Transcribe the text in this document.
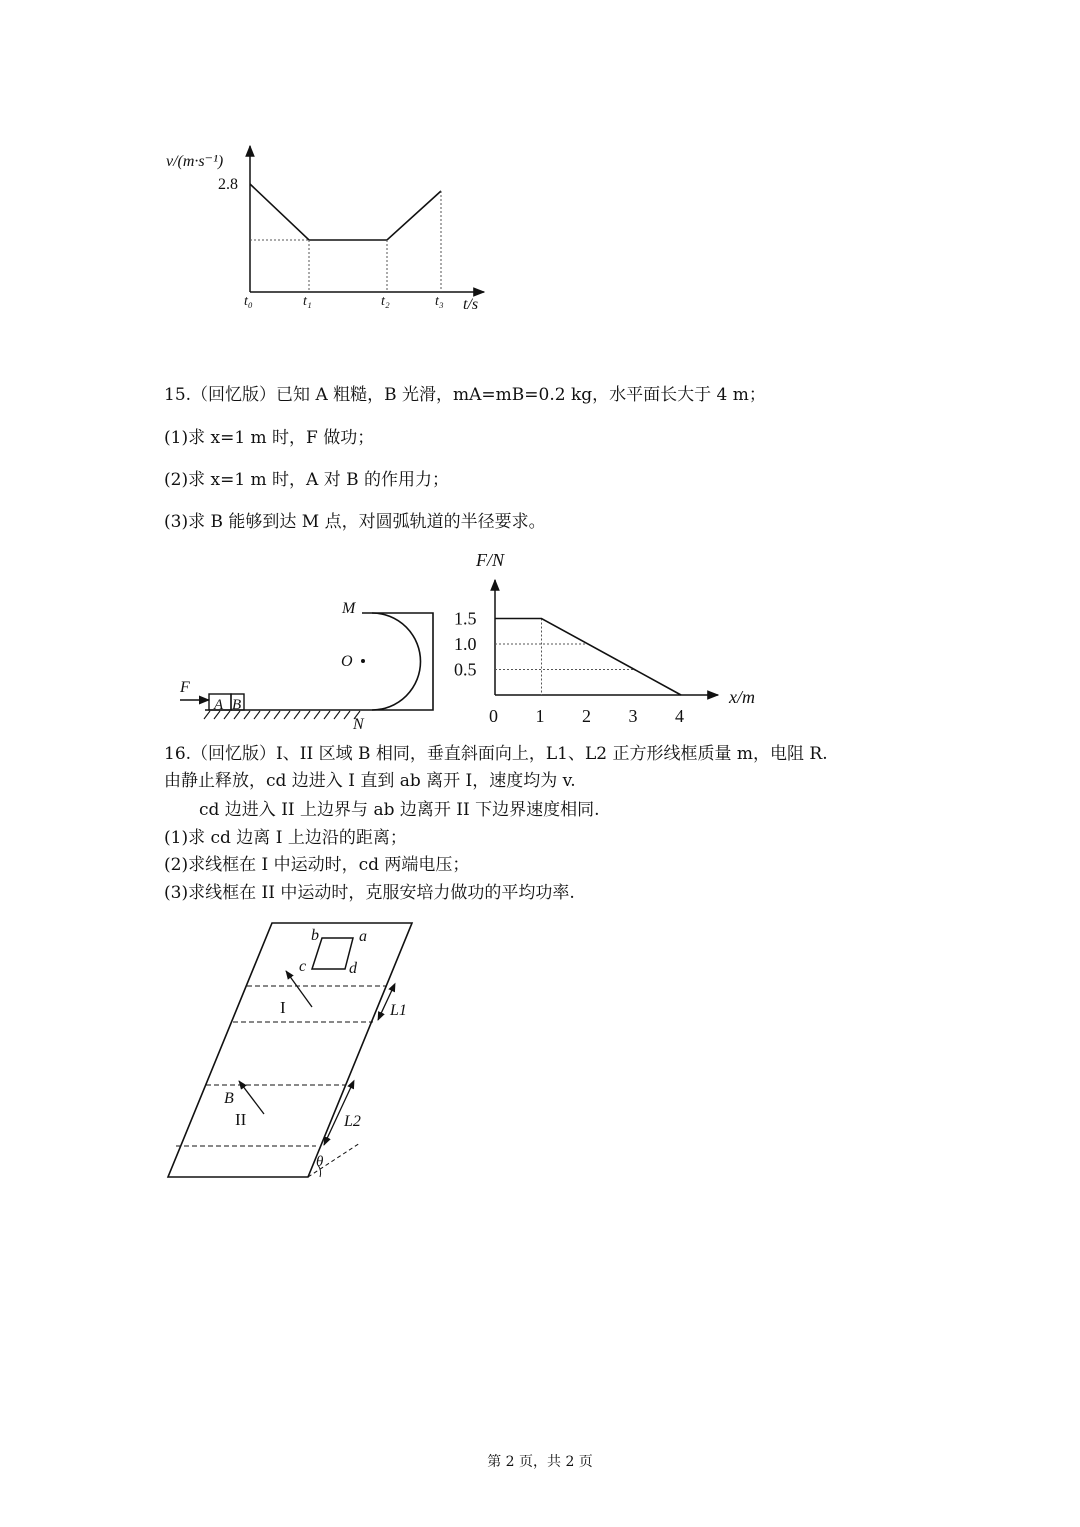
v/(m·s⁻¹)
2.8
t₀	t₁	t₂	t₃ t/s
15.（回忆版）已知 A 粗糙，B 光滑，mA=mB=0.2 kg，水平面长大于 4 m；
(1)求 x=1 m 时，F 做功；
(2)求 x=1 m 时，A 对 B 的作用力；
(3)求 B 能够到达 M 点，对圆弧轨道的半径要求。
F
A B
M
O
N
F/N
1.5
1.0
0.5
0 1 2 3 4
x/m
16.（回忆版）I、II 区域 B 相同，垂直斜面向上，L1、L2 正方形线框质量 m，电阻 R.
由静止释放，cd 边进入 I 直到 ab 离开 I，速度均为 v.
cd 边进入 II 上边界与 ab 边离开 II 下边界速度相同.
(1)求 cd 边离 I 上边沿的距离；
(2)求线框在 I 中运动时，cd 两端电压；
(3)求线框在 II 中运动时，克服安培力做功的平均功率.
b	a
c	d
I
II
B
L1
L2
θ
第 2 页，共 2 页
